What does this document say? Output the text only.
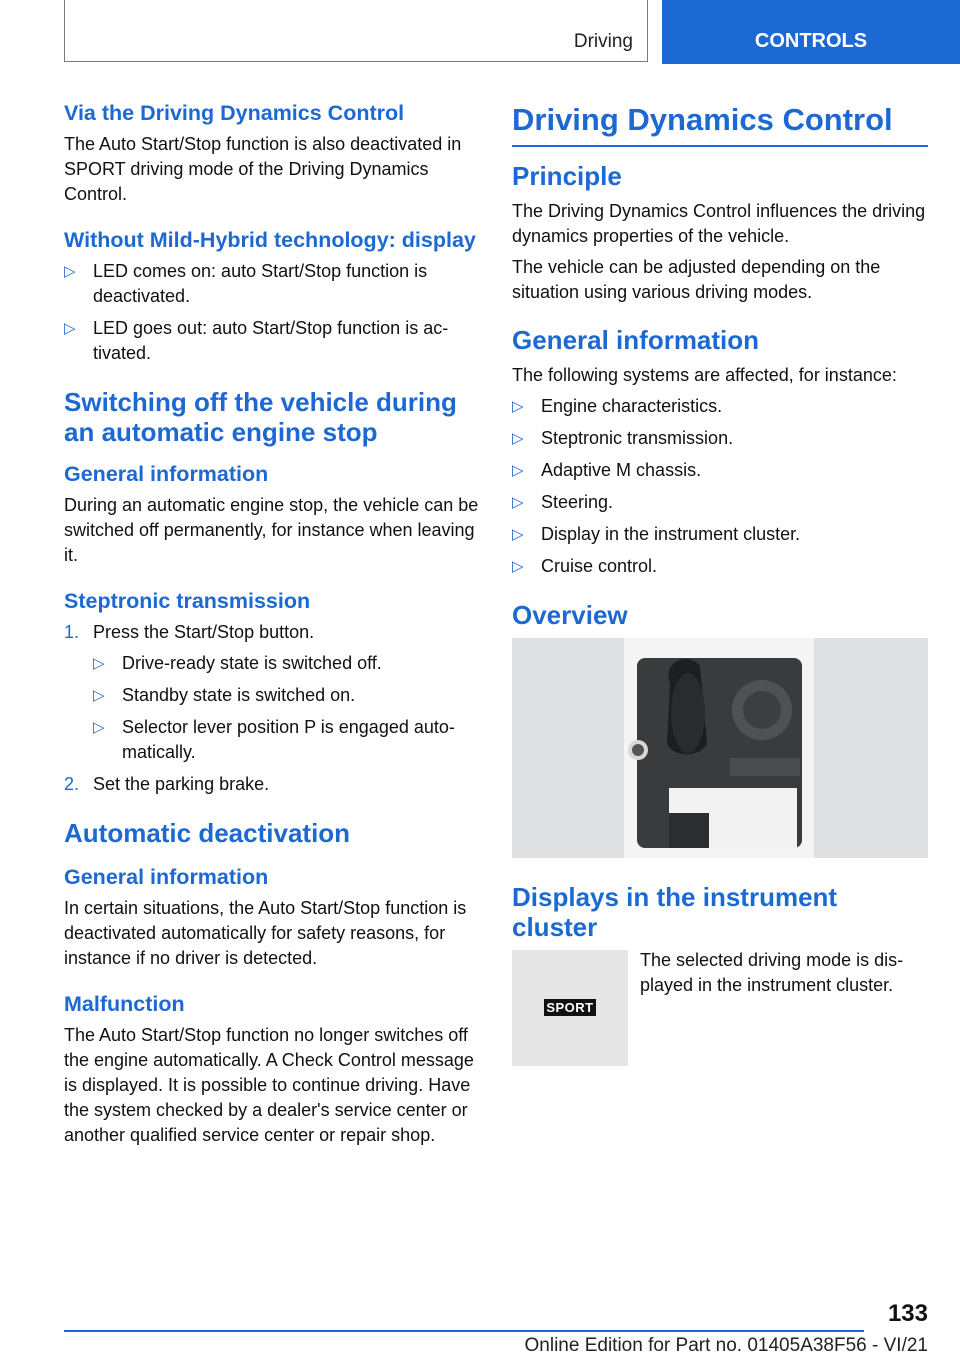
Driving	CONTROLS
Via the Driving Dynamics Control
The Auto Start/Stop function is also deactivated in SPORT driving mode of the Driving Dynamics Control.
Without Mild-Hybrid technology: display
▷ LED comes on: auto Start/Stop function is deactivated.
▷ LED goes out: auto Start/Stop function is ac‐tivated.
Switching off the vehicle during an automatic engine stop
General information
During an automatic engine stop, the vehicle can be switched off permanently, for instance when leaving it.
Steptronic transmission
1. Press the Start/Stop button.
▷ Drive-ready state is switched off.
▷ Standby state is switched on.
▷ Selector lever position P is engaged auto‐matically.
2. Set the parking brake.
Automatic deactivation
General information
In certain situations, the Auto Start/Stop function is deactivated automatically for safety reasons, for instance if no driver is detected.
Malfunction
The Auto Start/Stop function no longer switches off the engine automatically. A Check Control message is displayed. It is possible to continue driving. Have the system checked by a dealer's service center or another qualified service center or repair shop.
Driving Dynamics Control
Principle
The Driving Dynamics Control influences the driving dynamics properties of the vehicle.
The vehicle can be adjusted depending on the situation using various driving modes.
General information
The following systems are affected, for instance:
▷ Engine characteristics.
▷ Steptronic transmission.
▷ Adaptive M chassis.
▷ Steering.
▷ Display in the instrument cluster.
▷ Cruise control.
Overview
Displays in the instrument cluster
SPORT
The selected driving mode is dis‐played in the instrument cluster.
133
Online Edition for Part no. 01405A38F56 - VI/21
